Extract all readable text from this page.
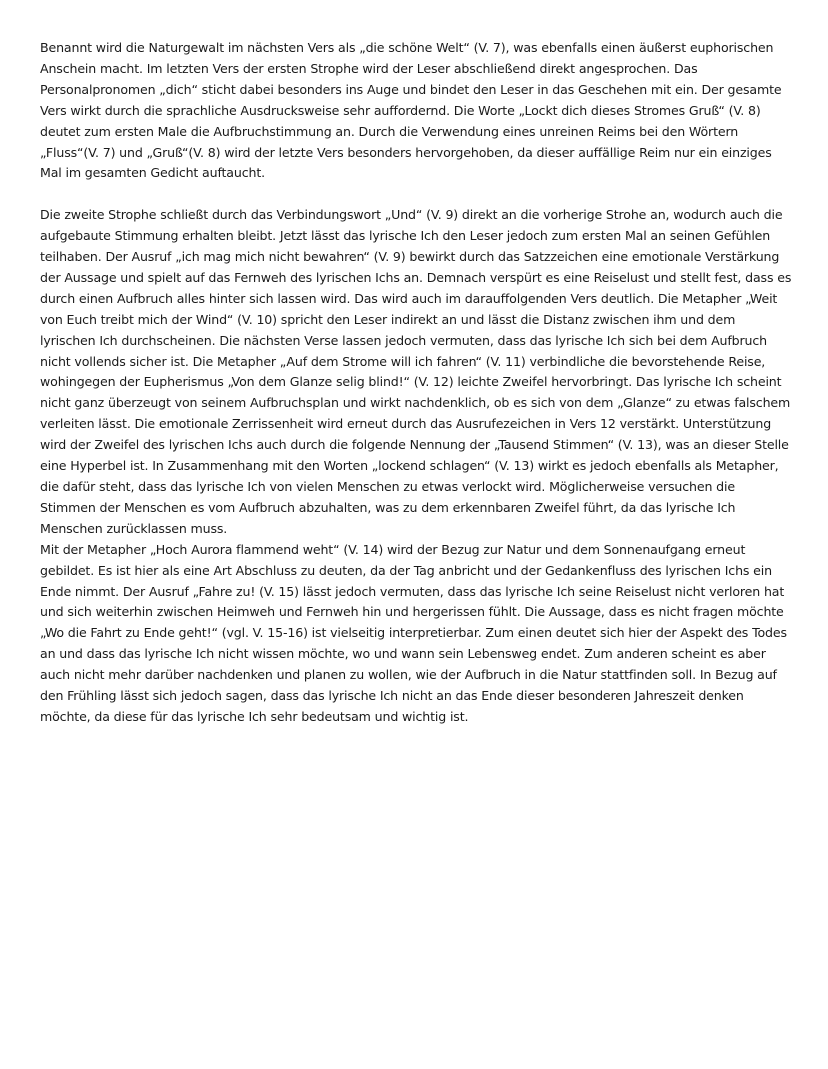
Benannt wird die Naturgewalt im nächsten Vers als „die schöne Welt“ (V. 7), was ebenfalls einen äußerst euphorischen Anschein macht. Im letzten Vers der ersten Strophe wird der Leser abschließend direkt angesprochen. Das Personalpronomen „dich“ sticht dabei besonders ins Auge und bindet den Leser in das Geschehen mit ein. Der gesamte Vers wirkt durch die sprachliche Ausdrucksweise sehr auffordernd. Die Worte „Lockt dich dieses Stromes Gruß“ (V. 8) deutet zum ersten Male die Aufbruchstimmung an. Durch die Verwendung eines unreinen Reims bei den Wörtern „Fluss“(V. 7) und „Gruß“(V. 8) wird der letzte Vers besonders hervorgehoben, da dieser auffällige Reim nur ein einziges Mal im gesamten Gedicht auftaucht.

Die zweite Strophe schließt durch das Verbindungswort „Und“ (V. 9) direkt an die vorherige Strohe an, wodurch auch die aufgebaute Stimmung erhalten bleibt. Jetzt lässt das lyrische Ich den Leser jedoch zum ersten Mal an seinen Gefühlen teilhaben. Der Ausruf „ich mag mich nicht bewahren“ (V. 9) bewirkt durch das Satzzeichen eine emotionale Verstärkung der Aussage und spielt auf das Fernweh des lyrischen Ichs an. Demnach verspürt es eine Reiselust und stellt fest, dass es durch einen Aufbruch alles hinter sich lassen wird. Das wird auch im darauffolgenden Vers deutlich. Die Metapher „Weit von Euch treibt mich der Wind“ (V. 10) spricht den Leser indirekt an und lässt die Distanz zwischen ihm und dem lyrischen Ich durchscheinen. Die nächsten Verse lassen jedoch vermuten, dass das lyrische Ich sich bei dem Aufbruch nicht vollends sicher ist. Die Metapher „Auf dem Strome will ich fahren“ (V. 11) verbindliche die bevorstehende Reise, wohingegen der Eupherismus „Von dem Glanze selig blind!“ (V. 12) leichte Zweifel hervorbringt. Das lyrische Ich scheint nicht ganz überzeugt von seinem Aufbruchsplan und wirkt nachdenklich, ob es sich von dem „Glanze“ zu etwas falschem verleiten lässt. Die emotionale Zerrissenheit wird erneut durch das Ausrufezeichen in Vers 12 verstärkt. Unterstützung wird der Zweifel des lyrischen Ichs auch durch die folgende Nennung der „Tausend Stimmen“ (V. 13), was an dieser Stelle eine Hyperbel ist. In Zusammenhang mit den Worten „lockend schlagen“ (V. 13) wirkt es jedoch ebenfalls als Metapher, die dafür steht, dass das lyrische Ich von vielen Menschen zu etwas verlockt wird. Möglicherweise versuchen die Stimmen der Menschen es vom Aufbruch abzuhalten, was zu dem erkennbaren Zweifel führt, da das lyrische Ich Menschen zurücklassen muss.

Mit der Metapher „Hoch Aurora flammend weht“ (V. 14) wird der Bezug zur Natur und dem Sonnenaufgang erneut gebildet. Es ist hier als eine Art Abschluss zu deuten, da der Tag anbricht und der Gedankenfluss des lyrischen Ichs ein Ende nimmt. Der Ausruf „Fahre zu! (V. 15) lässt jedoch vermuten, dass das lyrische Ich seine Reiselust nicht verloren hat und sich weiterhin zwischen Heimweh und Fernweh hin und hergerissen fühlt. Die Aussage, dass es nicht fragen möchte „Wo die Fahrt zu Ende geht!“ (vgl. V. 15-16) ist vielseitig interpretierbar. Zum einen deutet sich hier der Aspekt des Todes an und dass das lyrische Ich nicht wissen möchte, wo und wann sein Lebensweg endet. Zum anderen scheint es aber auch nicht mehr darüber nachdenken und planen zu wollen, wie der Aufbruch in die Natur stattfinden soll. In Bezug auf den Frühling lässt sich jedoch sagen, dass das lyrische Ich nicht an das Ende dieser besonderen Jahreszeit denken möchte, da diese für das lyrische Ich sehr bedeutsam und wichtig ist.
